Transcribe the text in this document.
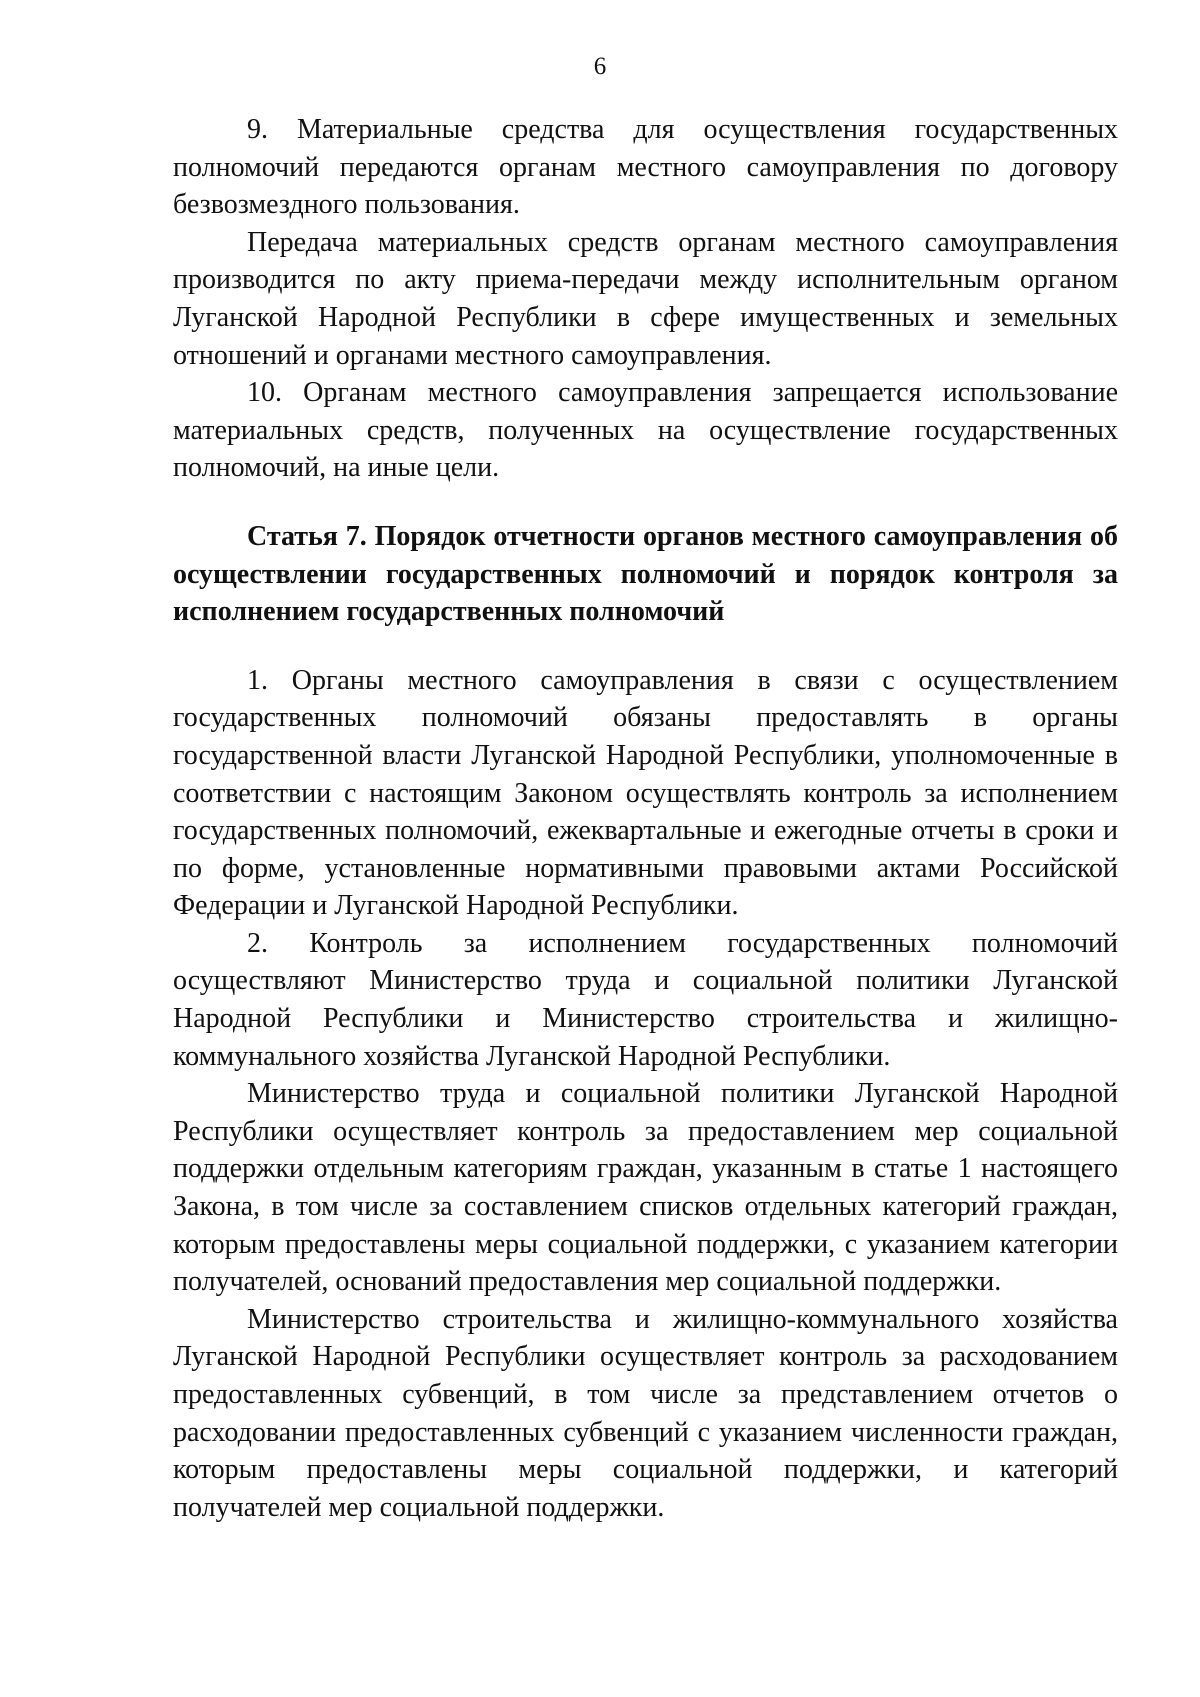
6

9. Материальные средства для осуществления государственных полномочий передаются органам местного самоуправления по договору безвозмездного пользования.

Передача материальных средств органам местного самоуправления производится по акту приема-передачи между исполнительным органом Луганской Народной Республики в сфере имущественных и земельных отношений и органами местного самоуправления.

10. Органам местного самоуправления запрещается использование материальных средств, полученных на осуществление государственных полномочий, на иные цели.

Статья 7. Порядок отчетности органов местного самоуправления об осуществлении государственных полномочий и порядок контроля за исполнением государственных полномочий

1. Органы местного самоуправления в связи с осуществлением государственных полномочий обязаны предоставлять в органы государственной власти Луганской Народной Республики, уполномоченные в соответствии с настоящим Законом осуществлять контроль за исполнением государственных полномочий, ежеквартальные и ежегодные отчеты в сроки и по форме, установленные нормативными правовыми актами Российской Федерации и Луганской Народной Республики.

2. Контроль за исполнением государственных полномочий осуществляют Министерство труда и социальной политики Луганской Народной Республики и Министерство строительства и жилищно-коммунального хозяйства Луганской Народной Республики.

Министерство труда и социальной политики Луганской Народной Республики осуществляет контроль за предоставлением мер социальной поддержки отдельным категориям граждан, указанным в статье 1 настоящего Закона, в том числе за составлением списков отдельных категорий граждан, которым предоставлены меры социальной поддержки, с указанием категории получателей, оснований предоставления мер социальной поддержки.

Министерство строительства и жилищно-коммунального хозяйства Луганской Народной Республики осуществляет контроль за расходованием предоставленных субвенций, в том числе за представлением отчетов о расходовании предоставленных субвенций с указанием численности граждан, которым предоставлены меры социальной поддержки, и категорий получателей мер социальной поддержки.
